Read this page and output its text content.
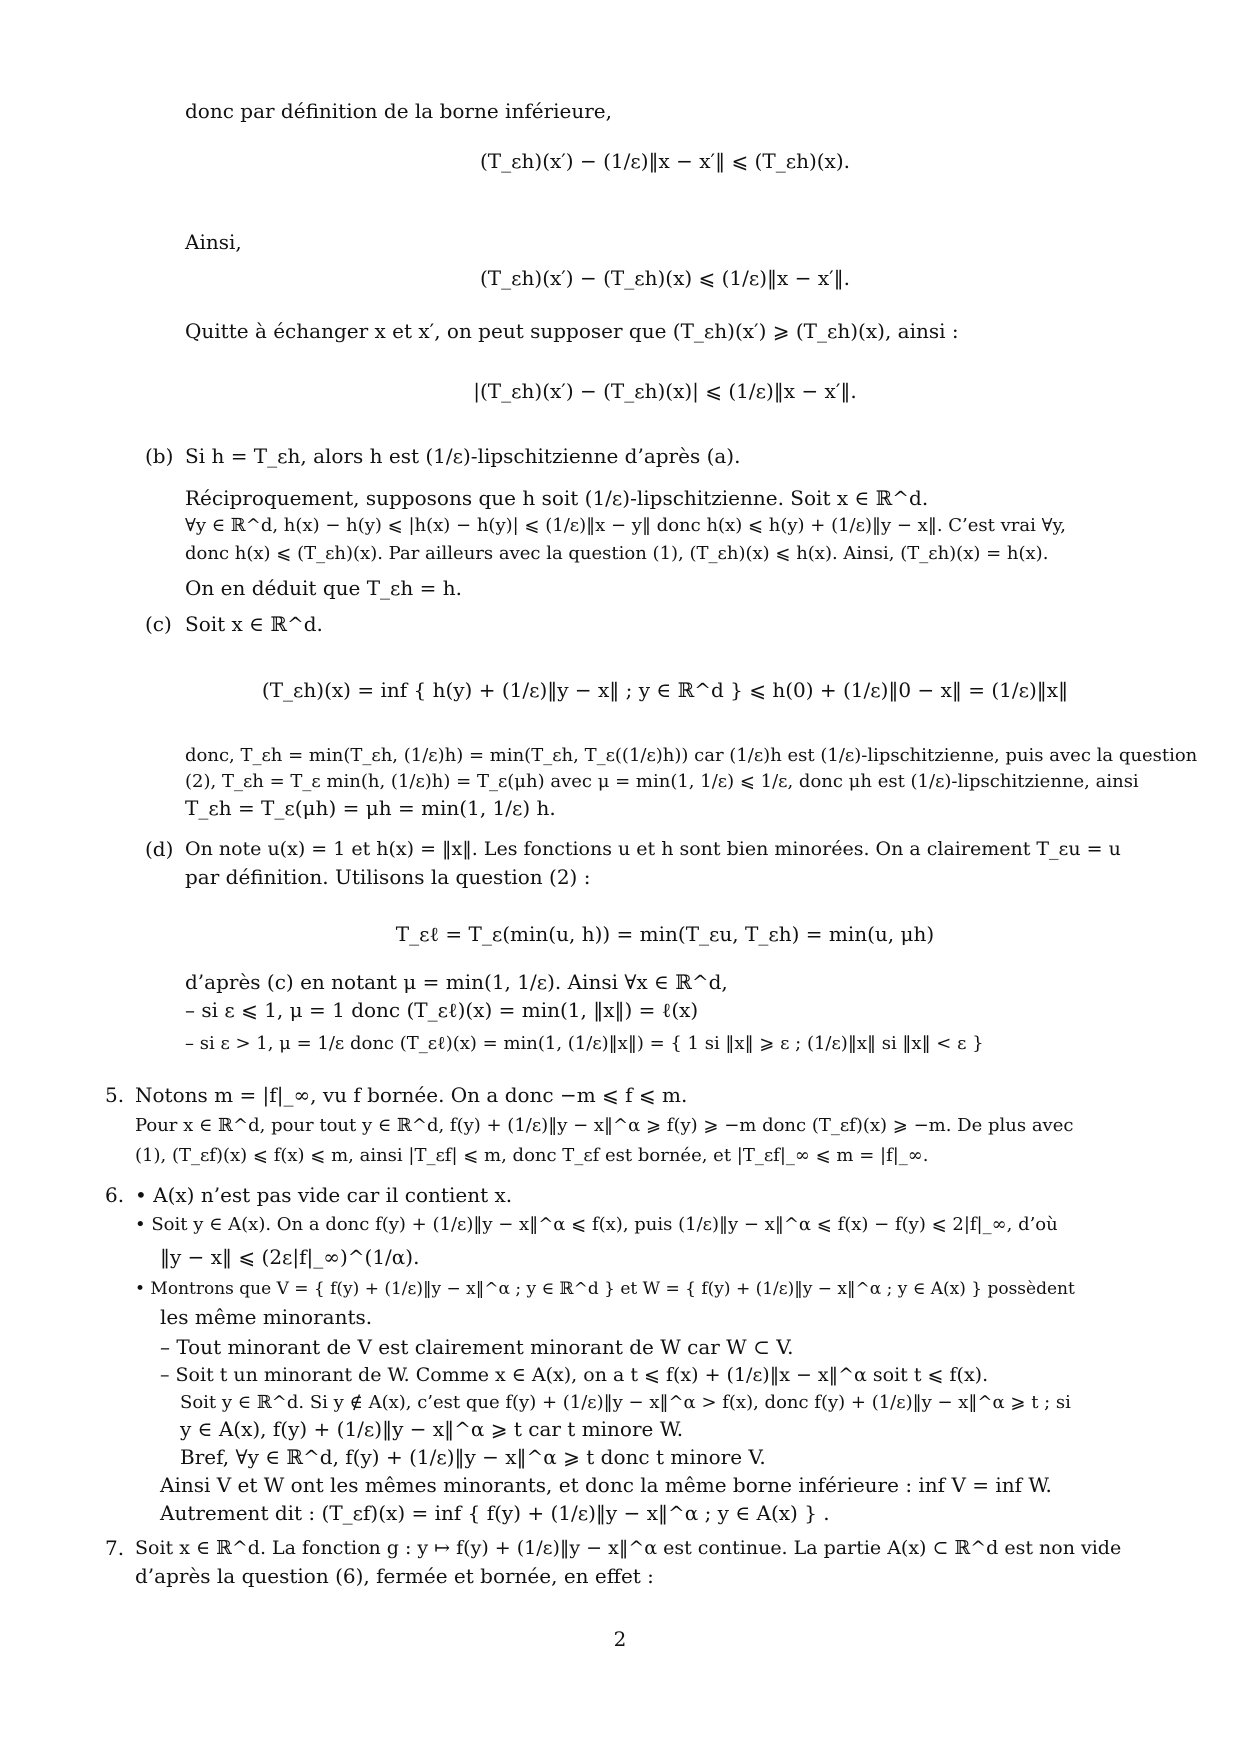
donc par définition de la borne inférieure,
(T_εh)(x′) − (1/ε)‖x − x′‖ ⩽ (T_εh)(x).
Ainsi,
(T_εh)(x′) − (T_εh)(x) ⩽ (1/ε)‖x − x′‖.
Quitte à échanger x et x′, on peut supposer que (T_εh)(x′) ⩾ (T_εh)(x), ainsi :
|(T_εh)(x′) − (T_εh)(x)| ⩽ (1/ε)‖x − x′‖.
(b) Si h = T_εh, alors h est (1/ε)-lipschitzienne d’après (a).
Réciproquement, supposons que h soit (1/ε)-lipschitzienne. Soit x ∈ ℝ^d.
∀y ∈ ℝ^d, h(x) − h(y) ⩽ |h(x) − h(y)| ⩽ (1/ε)‖x − y‖ donc h(x) ⩽ h(y) + (1/ε)‖y − x‖. C’est vrai ∀y,
donc h(x) ⩽ (T_εh)(x). Par ailleurs avec la question (1), (T_εh)(x) ⩽ h(x). Ainsi, (T_εh)(x) = h(x).
On en déduit que T_εh = h.
(c) Soit x ∈ ℝ^d.
(T_εh)(x) = inf { h(y) + (1/ε)‖y − x‖ ; y ∈ ℝ^d } ⩽ h(0) + (1/ε)‖0 − x‖ = (1/ε)‖x‖
donc, T_εh = min(T_εh, (1/ε)h) = min(T_εh, T_ε((1/ε)h)) car (1/ε)h est (1/ε)-lipschitzienne, puis avec la question
(2), T_εh = T_ε min(h, (1/ε)h) = T_ε(μh) avec μ = min(1, 1/ε) ⩽ 1/ε, donc μh est (1/ε)-lipschitzienne, ainsi
T_εh = T_ε(μh) = μh = min(1, 1/ε) h.
(d) On note u(x) = 1 et h(x) = ‖x‖. Les fonctions u et h sont bien minorées. On a clairement T_εu = u
par définition. Utilisons la question (2) :
T_εℓ = T_ε(min(u, h)) = min(T_εu, T_εh) = min(u, μh)
d’après (c) en notant μ = min(1, 1/ε). Ainsi ∀x ∈ ℝ^d,
– si ε ⩽ 1, μ = 1 donc (T_εℓ)(x) = min(1, ‖x‖) = ℓ(x)
– si ε > 1, μ = 1/ε donc (T_εℓ)(x) = min(1, (1/ε)‖x‖) = { 1 si ‖x‖ ⩾ ε ; (1/ε)‖x‖ si ‖x‖ < ε }
5. Notons m = |f|_∞, vu f bornée. On a donc −m ⩽ f ⩽ m.
Pour x ∈ ℝ^d, pour tout y ∈ ℝ^d, f(y) + (1/ε)‖y − x‖^α ⩾ f(y) ⩾ −m donc (T_εf)(x) ⩾ −m. De plus avec
(1), (T_εf)(x) ⩽ f(x) ⩽ m, ainsi |T_εf| ⩽ m, donc T_εf est bornée, et |T_εf|_∞ ⩽ m = |f|_∞.
6. • A(x) n’est pas vide car il contient x.
• Soit y ∈ A(x). On a donc f(y) + (1/ε)‖y − x‖^α ⩽ f(x), puis (1/ε)‖y − x‖^α ⩽ f(x) − f(y) ⩽ 2|f|_∞, d’où
‖y − x‖ ⩽ (2ε|f|_∞)^(1/α).
• Montrons que V = { f(y) + (1/ε)‖y − x‖^α ; y ∈ ℝ^d } et W = { f(y) + (1/ε)‖y − x‖^α ; y ∈ A(x) } possèdent
les même minorants.
– Tout minorant de V est clairement minorant de W car W ⊂ V.
– Soit t un minorant de W. Comme x ∈ A(x), on a t ⩽ f(x) + (1/ε)‖x − x‖^α soit t ⩽ f(x).
Soit y ∈ ℝ^d. Si y ∉ A(x), c’est que f(y) + (1/ε)‖y − x‖^α > f(x), donc f(y) + (1/ε)‖y − x‖^α ⩾ t ; si
y ∈ A(x), f(y) + (1/ε)‖y − x‖^α ⩾ t car t minore W.
Bref, ∀y ∈ ℝ^d, f(y) + (1/ε)‖y − x‖^α ⩾ t donc t minore V.
Ainsi V et W ont les mêmes minorants, et donc la même borne inférieure : inf V = inf W.
Autrement dit : (T_εf)(x) = inf { f(y) + (1/ε)‖y − x‖^α ; y ∈ A(x) } .
7. Soit x ∈ ℝ^d. La fonction g : y ↦ f(y) + (1/ε)‖y − x‖^α est continue. La partie A(x) ⊂ ℝ^d est non vide
d’après la question (6), fermée et bornée, en effet :
2
